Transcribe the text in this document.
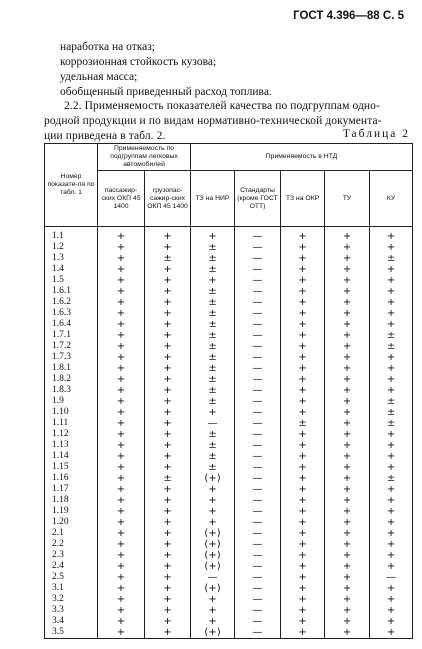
ГОСТ 4.396—88 С. 5
наработка на отказ;
коррозионная стойкость кузова;
удельная масса;
обобщенный приведенный расход топлива.
2.2. Применяемость показателей качества по подгруппам одно-
родной продукции и по видам нормативно-технической документа-
ции приведена в табл. 2.	Таблица 2
Номер показате-ля по табл. 1	Применяемость по подгруппам легковых автомобилей		Применяемость в НТД				
	пассажир-ских ОКП 45 1400	грузопас-сажир-ских ОКП 45 1400	ТЗ на НИР	Стандарты (кроме ГОСТ ОТТ)	ТЗ на ОКР	ТУ	КУ
1.1	+	+	+	—	+	+	+
1.2	+	+	±	—	+	+	+
1.3	+	±	±	—	+	+	±
1.4	+	+	±	—	+	+	+
1.5	+	+	+	—	+	+	+
1.6.1	+	+	±	—	+	+	+
1.6.2	+	+	±	—	+	+	+
1.6.3	+	+	±	—	+	+	+
1.6.4	+	+	±	—	+	+	+
1.7.1	+	+	±	—	+	+	±
1.7.2	+	+	±	—	+	+	±
1.7.3	+	+	±	—	+	+	+
1.8.1	+	+	±	—	+	+	+
1.8.2	+	+	±	—	+	+	+
1.8.3	+	+	±	—	+	+	+
1.9	+	+	±	—	+	+	±
1.10	+	+	+	—	+	+	±
1.11	+	+	—	—	±	+	±
1.12	+	+	±	—	+	+	+
1.13	+	+	±	—	+	+	+
1.14	+	+	±	—	+	+	+
1.15	+	+	±	—	+	+	+
1.16	+	±	(+)	—	+	+	±
1.17	+	+	+	—	+	+	+
1.18	+	+	+	—	+	+	+
1.19	+	+	+	—	+	+	+
1.20	+	+	+	—	+	+	+
2.1	+	+	(+)	—	+	+	+
2.2	+	+	(+)	—	+	+	+
2.3	+	+	(+)	—	+	+	+
2.4	+	+	(+)	—	+	+	+
2.5	+	+	—	—	+	+	—
3.1	+	+	(+)	—	+	+	+
3.2	+	+	+	—	+	+	+
3.3	+	+	+	—	+	+	+
3.4	+	+	+	—	+	+	+
3.5	+	+	(+)	—	+	+	+
